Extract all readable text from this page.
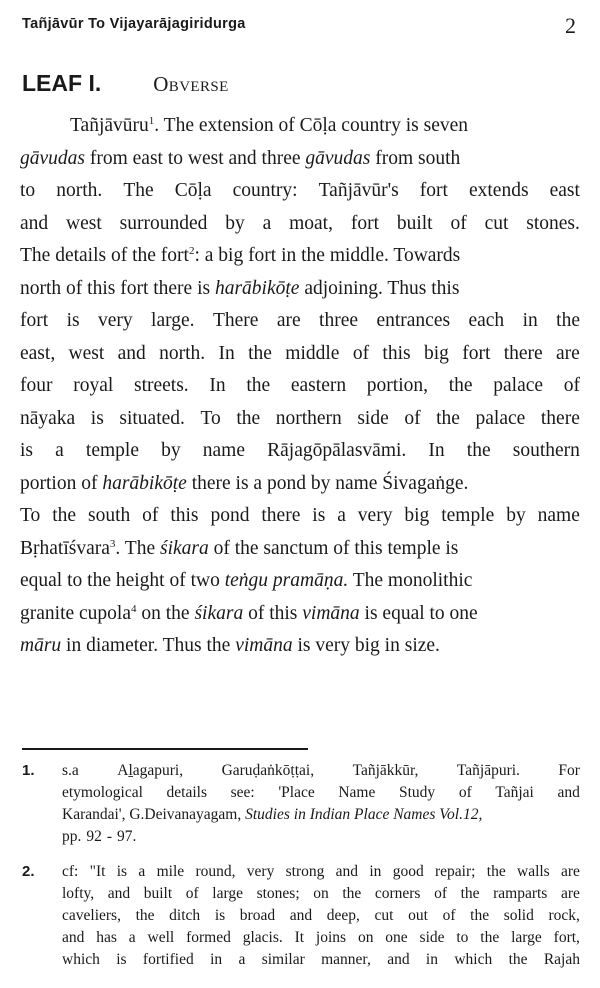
Tañjāvūr To Vijayarājagiridurga	2
LEAF I. Obverse
Tañjāvūru$^1$. The extension of Cōḷa country is seven
gāvudas from east to west and three gāvudas from south
to north. The Cōḷa country: Tañjāvūr's fort extends east
and west surrounded by a moat, fort built of cut stones.
The details of the fort$^2$: a big fort in the middle. Towards
north of this fort there is harābikōṭe adjoining. Thus this
fort is very large. There are three entrances each in the
east, west and north. In the middle of this big fort there are
four royal streets. In the eastern portion, the palace of
nāyaka is situated. To the northern side of the palace there
is a temple by name Rājagōpālasvāmi. In the southern
portion of harābikōṭe there is a pond by name Śivagaṅge.
To the south of this pond there is a very big temple by name
Bṛhatīśvara$^3$. The śikara of the sanctum of this temple is
equal to the height of two teṅgu pramāṇa. The monolithic
granite cupola$^4$ on the śikara of this vimāna is equal to one
māru in diameter. Thus the vimāna is very big in size.
1. s.a Aḻagapuri, Garuḍaṅkōṭṭai, Tañjākkūr, Tañjāpuri. For
etymological details see: 'Place Name Study of Tañjai and
Karandai', G.Deivanayagam, Studies in Indian Place Names Vol.12,
pp. 92 - 97.
2. cf: "It is a mile round, very strong and in good repair; the walls are
lofty, and built of large stones; on the corners of the ramparts are
caveliers, the ditch is broad and deep, cut out of the solid rock,
and has a well formed glacis. It joins on one side to the large fort,
which is fortified in a similar manner, and in which the Rajah
